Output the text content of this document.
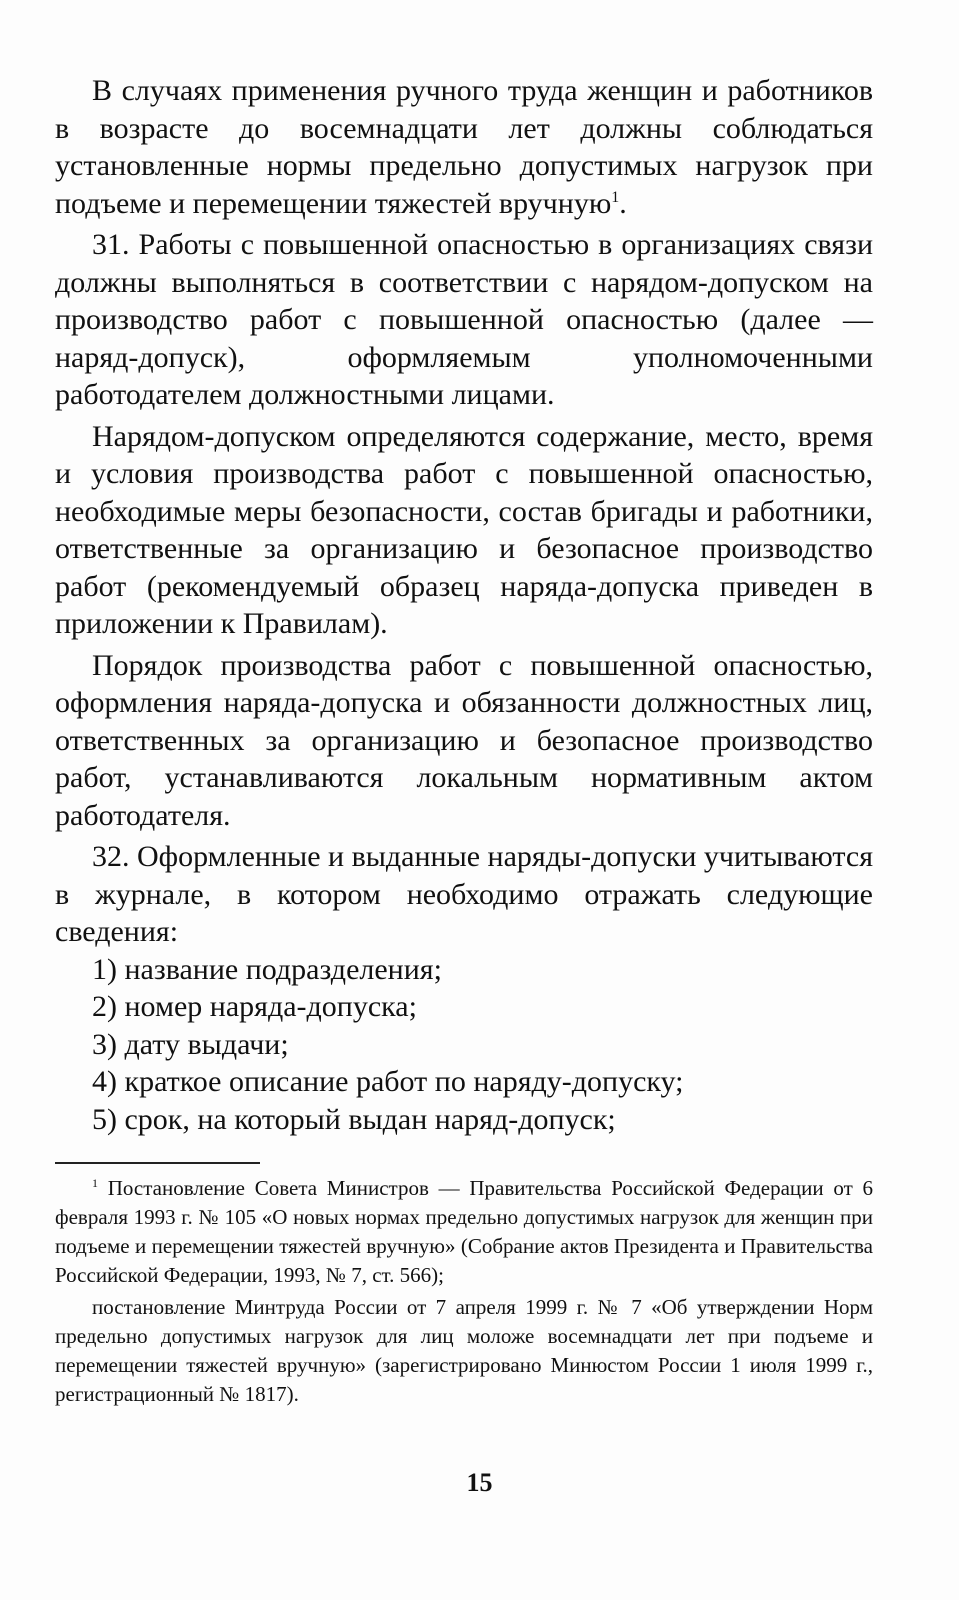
В случаях применения ручного труда женщин и работников в возрасте до восемнадцати лет должны соблюдаться установленные нормы предельно допустимых нагрузок при подъеме и перемещении тяжестей вручную$^1$.

31. Работы с повышенной опасностью в организациях связи должны выполняться в соответствии с нарядом-допуском на производство работ с повышенной опасностью (далее — наряд-допуск), оформляемым уполномоченными работодателем должностными лицами.

Нарядом-допуском определяются содержание, место, время и условия производства работ с повышенной опасностью, необходимые меры безопасности, состав бригады и работники, ответственные за организацию и безопасное производство работ (рекомендуемый образец наряда-допуска приведен в приложении к Правилам).

Порядок производства работ с повышенной опасностью, оформления наряда-допуска и обязанности должностных лиц, ответственных за организацию и безопасное производство работ, устанавливаются локальным нормативным актом работодателя.

32. Оформленные и выданные наряды-допуски учитываются в журнале, в котором необходимо отражать следующие сведения:

1) название подразделения;

2) номер наряда-допуска;

3) дату выдачи;

4) краткое описание работ по наряду-допуску;

5) срок, на который выдан наряд-допуск;

$^1$ Постановление Совета Министров — Правительства Российской Федерации от 6 февраля 1993 г. № 105 «О новых нормах предельно допустимых нагрузок для женщин при подъеме и перемещении тяжестей вручную» (Собрание актов Президента и Правительства Российской Федерации, 1993, № 7, ст. 566);

постановление Минтруда России от 7 апреля 1999 г. № 7 «Об утверждении Норм предельно допустимых нагрузок для лиц моложе восемнадцати лет при подъеме и перемещении тяжестей вручную» (зарегистрировано Минюстом России 1 июля 1999 г., регистрационный № 1817).

15
